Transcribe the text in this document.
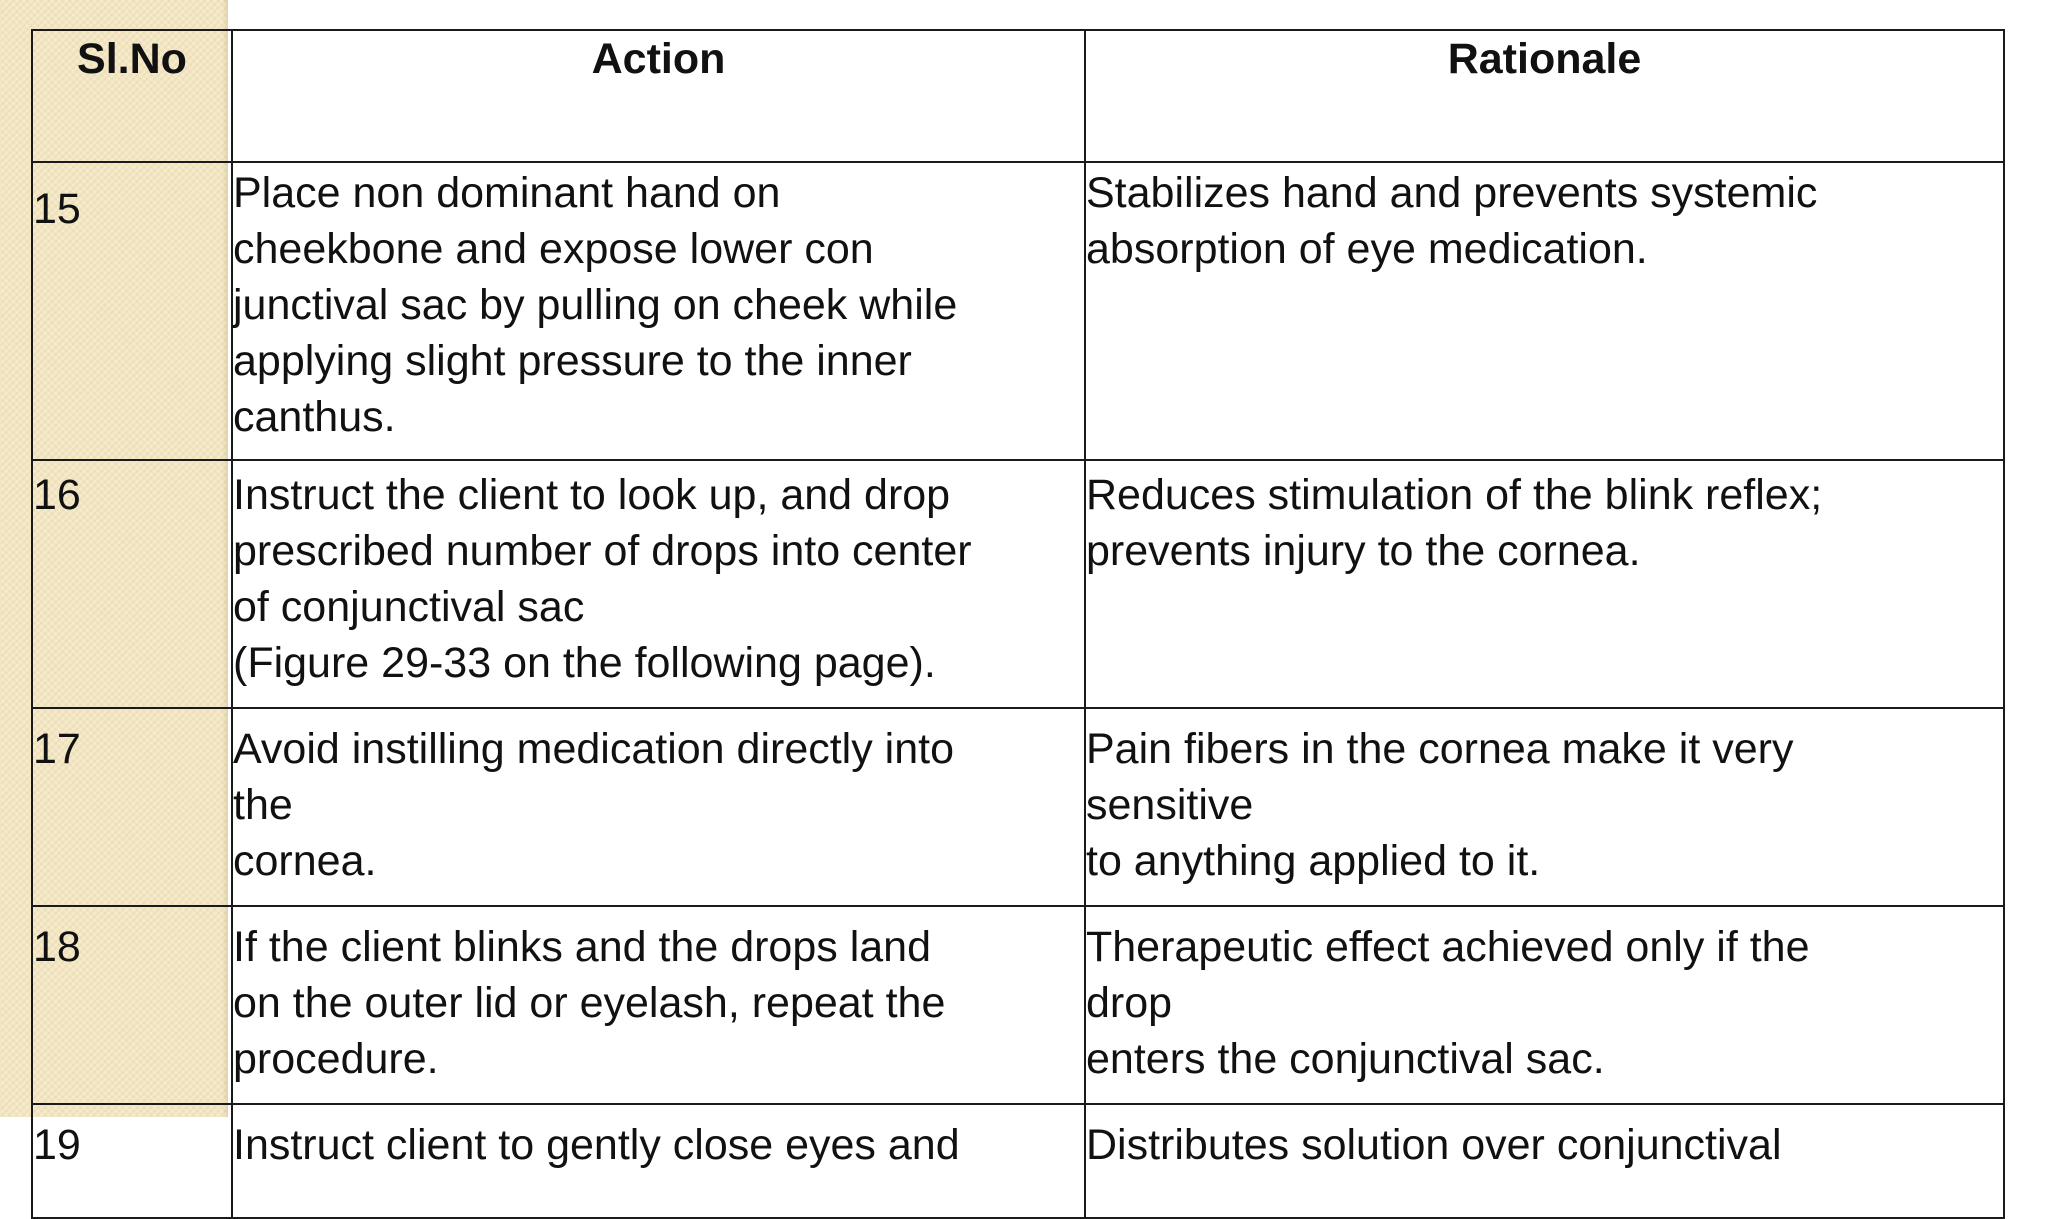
Sl.No	Action	Rationale
15	Place non dominant hand on
cheekbone and expose lower con
junctival sac by pulling on cheek while
applying slight pressure to the inner
canthus.	Stabilizes hand and prevents systemic
absorption of eye medication.

16	Instruct the client to look up, and drop
prescribed number of drops into center
of conjunctival sac
(Figure 29-33 on the following page).	Reduces stimulation of the blink reflex;
prevents injury to the cornea.

17	Avoid instilling medication directly into
the
cornea.	Pain fibers in the cornea make it very
sensitive
to anything applied to it.

18	If the client blinks and the drops land
on the outer lid or eyelash, repeat the
procedure.	Therapeutic effect achieved only if the
drop
enters the conjunctival sac.

19	Instruct client to gently close eyes and	Distributes solution over conjunctival
